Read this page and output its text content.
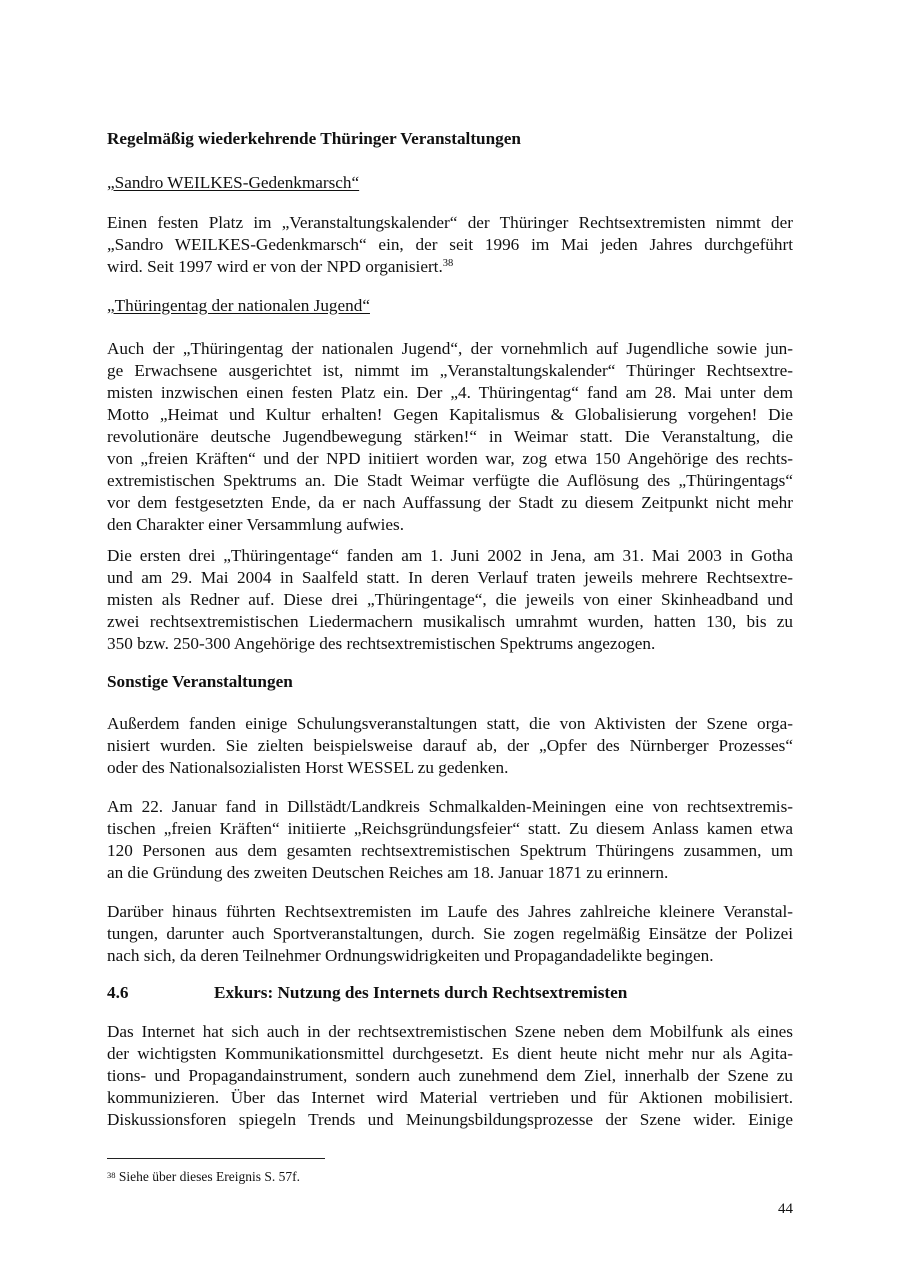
Regelmäßig wiederkehrende Thüringer Veranstaltungen
„Sandro WEILKES-Gedenkmarsch“
Einen festen Platz im „Veranstaltungskalender“ der Thüringer Rechtsextremisten nimmt der
„Sandro WEILKES-Gedenkmarsch“ ein, der seit 1996 im Mai jeden Jahres durchgeführt
wird. Seit 1997 wird er von der NPD organisiert.$^{38}$
„Thüringentag der nationalen Jugend“
Auch der „Thüringentag der nationalen Jugend“, der vornehmlich auf Jugendliche sowie jun-
ge Erwachsene ausgerichtet ist, nimmt im „Veranstaltungskalender“ Thüringer Rechtsextre-
misten inzwischen einen festen Platz ein. Der „4. Thüringentag“ fand am 28. Mai unter dem
Motto „Heimat und Kultur erhalten! Gegen Kapitalismus & Globalisierung vorgehen! Die
revolutionäre deutsche Jugendbewegung stärken!“ in Weimar statt. Die Veranstaltung, die
von „freien Kräften“ und der NPD initiiert worden war, zog etwa 150 Angehörige des rechts-
extremistischen Spektrums an. Die Stadt Weimar verfügte die Auflösung des „Thüringentags“
vor dem festgesetzten Ende, da er nach Auffassung der Stadt zu diesem Zeitpunkt nicht mehr
den Charakter einer Versammlung aufwies.
Die ersten drei „Thüringentage“ fanden am 1. Juni 2002 in Jena, am 31. Mai 2003 in Gotha
und am 29. Mai 2004 in Saalfeld statt. In deren Verlauf traten jeweils mehrere Rechtsextre-
misten als Redner auf. Diese drei „Thüringentage“, die jeweils von einer Skinheadband und
zwei rechtsextremistischen Liedermachern musikalisch umrahmt wurden, hatten 130, bis zu
350 bzw. 250-300 Angehörige des rechtsextremistischen Spektrums angezogen.
Sonstige Veranstaltungen
Außerdem fanden einige Schulungsveranstaltungen statt, die von Aktivisten der Szene orga-
nisiert wurden. Sie zielten beispielsweise darauf ab, der „Opfer des Nürnberger Prozesses“
oder des Nationalsozialisten Horst WESSEL zu gedenken.
Am 22. Januar fand in Dillstädt/Landkreis Schmalkalden-Meiningen eine von rechtsextremis-
tischen „freien Kräften“ initiierte „Reichsgründungsfeier“ statt. Zu diesem Anlass kamen etwa
120 Personen aus dem gesamten rechtsextremistischen Spektrum Thüringens zusammen, um
an die Gründung des zweiten Deutschen Reiches am 18. Januar 1871 zu erinnern.
Darüber hinaus führten Rechtsextremisten im Laufe des Jahres zahlreiche kleinere Veranstal-
tungen, darunter auch Sportveranstaltungen, durch. Sie zogen regelmäßig Einsätze der Polizei
nach sich, da deren Teilnehmer Ordnungswidrigkeiten und Propagandadelikte begingen.
4.6	Exkurs: Nutzung des Internets durch Rechtsextremisten
Das Internet hat sich auch in der rechtsextremistischen Szene neben dem Mobilfunk als eines
der wichtigsten Kommunikationsmittel durchgesetzt. Es dient heute nicht mehr nur als Agita-
tions- und Propagandainstrument, sondern auch zunehmend dem Ziel, innerhalb der Szene zu
kommunizieren. Über das Internet wird Material vertrieben und für Aktionen mobilisiert.
Diskussionsforen spiegeln Trends und Meinungsbildungsprozesse der Szene wider. Einige
$^{38}$ Siehe über dieses Ereignis S. 57f.
44
